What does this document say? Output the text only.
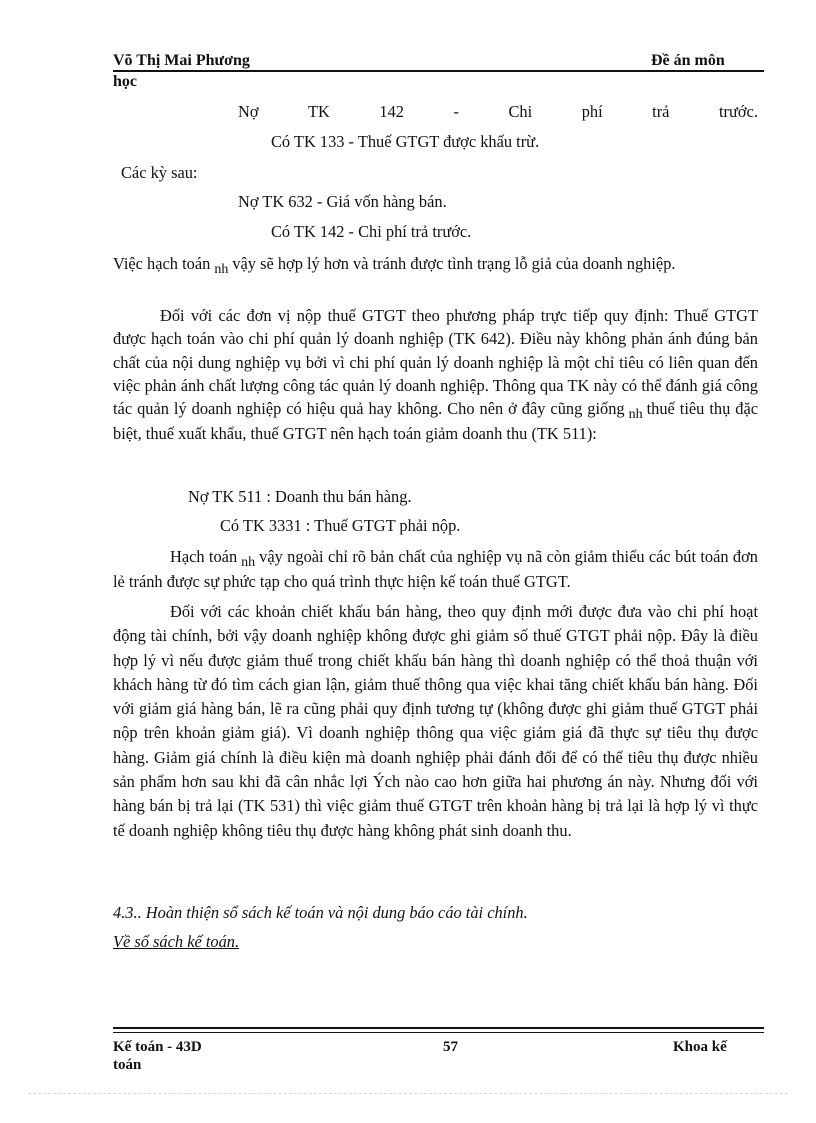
Võ Thị Mai Phương	Đề án môn
học
Nợ	TK	142	-	Chi	phí	trả	trước.
Có TK 133 - Thuế GTGT được khấu trừ.
Các kỳ sau:
Nợ TK 632 - Giá vốn hàng bán.
Có TK 142 - Chi phí trả trước.
Việc hạch toán nh vậy sẽ hợp lý hơn và tránh được tình trạng lỗ giả của doanh nghiệp.
Đối với các đơn vị nộp thuế GTGT theo phương pháp trực tiếp quy định: Thuế GTGT được hạch toán vào chi phí quản lý doanh nghiệp (TK 642). Điều này không phản ánh đúng bản chất của nội dung nghiệp vụ bởi vì chi phí quản lý doanh nghiệp là một chỉ tiêu có liên quan đến việc phản ánh chất lượng công tác quản lý doanh nghiệp. Thông qua TK này có thể đánh giá công tác quản lý doanh nghiệp có hiệu quả hay không. Cho nên ở đây cũng giống nh thuế tiêu thụ đặc biệt, thuế xuất khẩu, thuế GTGT nên hạch toán giảm doanh thu (TK 511):
Nợ TK 511 : Doanh thu bán hàng.
Có TK 3331 : Thuế GTGT phải nộp.
Hạch toán nh vậy ngoài chỉ rõ bản chất của nghiệp vụ nã còn giảm thiểu các bút toán đơn lẻ tránh được sự phức tạp cho quá trình thực hiện kế toán thuế GTGT.
Đối với các khoản chiết khấu bán hàng, theo quy định mới được đưa vào chi phí hoạt động tài chính, bởi vậy doanh nghiệp không được ghi giảm số thuế GTGT phải nộp. Đây là điều hợp lý vì nếu được giảm thuế trong chiết khấu bán hàng thì doanh nghiệp có thể thoả thuận với khách hàng từ đó tìm cách gian lận, giảm thuế thông qua việc khai tăng chiết khấu bán hàng. Đối với giảm giá hàng bán, lẽ ra cũng phải quy định tương tự (không được ghi giảm thuế GTGT phải nộp trên khoản giảm giá). Vì doanh nghiệp thông qua việc giảm giá đã thực sự tiêu thụ được hàng. Giảm giá chính là điều kiện mà doanh nghiệp phải đánh đổi để có thể tiêu thụ được nhiều sản phẩm hơn sau khi đã cân nhắc lợi Ých nào cao hơn giữa hai phương án này. Nhưng đối với hàng bán bị trả lại (TK 531) thì việc giảm thuế GTGT trên khoản hàng bị trả lại là hợp lý vì thực tế doanh nghiệp không tiêu thụ được hàng không phát sinh doanh thu.
4.3.. Hoàn thiện sổ sách kế toán và nội dung báo cáo tài chính.
Về sổ sách kế toán.
Kế toán - 43D	57	Khoa kế
toán
